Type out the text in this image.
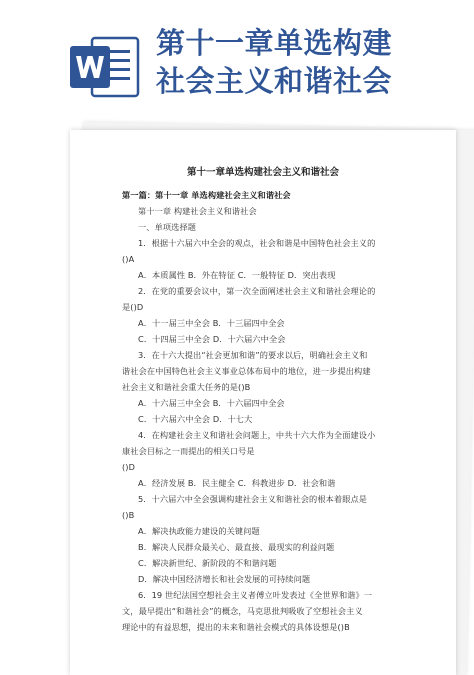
第十一章单选构建
社会主义和谐社会
第十一章单选构建社会主义和谐社会
第一篇：第十一章 单选构建社会主义和谐社会
第十一章 构建社会主义和谐社会
一、单项选择题
1．根据十六届六中全会的观点，社会和谐是中国特色社会主义的
()A
A．本质属性 B．外在特征 C．一般特征 D．突出表现
2．在党的重要会议中，第一次全面阐述社会主义和谐社会理论的
是()D
A．十一届三中全会 B．十三届四中全会
C．十四届三中全会 D．十六届六中全会
3．在十六大提出“社会更加和谐”的要求以后，明确社会主义和
谐社会在中国特色社会主义事业总体布局中的地位，进一步提出构建
社会主义和谐社会重大任务的是()B
A．十六届三中全会 B．十六届四中全会
C．十六届六中全会 D．十七大
4．在构建社会主义和谐社会问题上，中共十六大作为全面建设小
康社会目标之一而提出的相关口号是
()D
A．经济发展 B．民主健全 C．科教进步 D．社会和谐
5．十六届六中全会强调构建社会主义和谐社会的根本着眼点是
()B
A．解决执政能力建设的关键问题
B．解决人民群众最关心、最直接、最现实的利益问题
C．解决新世纪、新阶段的不和谐问题
D．解决中国经济增长和社会发展的可持续问题
6．19 世纪法国空想社会主义者傅立叶发表过《全世界和谐》一
文，最早提出“和谐社会”的概念，马克思批判吸收了空想社会主义
理论中的有益思想，提出的未来和谐社会模式的具体设想是()B
